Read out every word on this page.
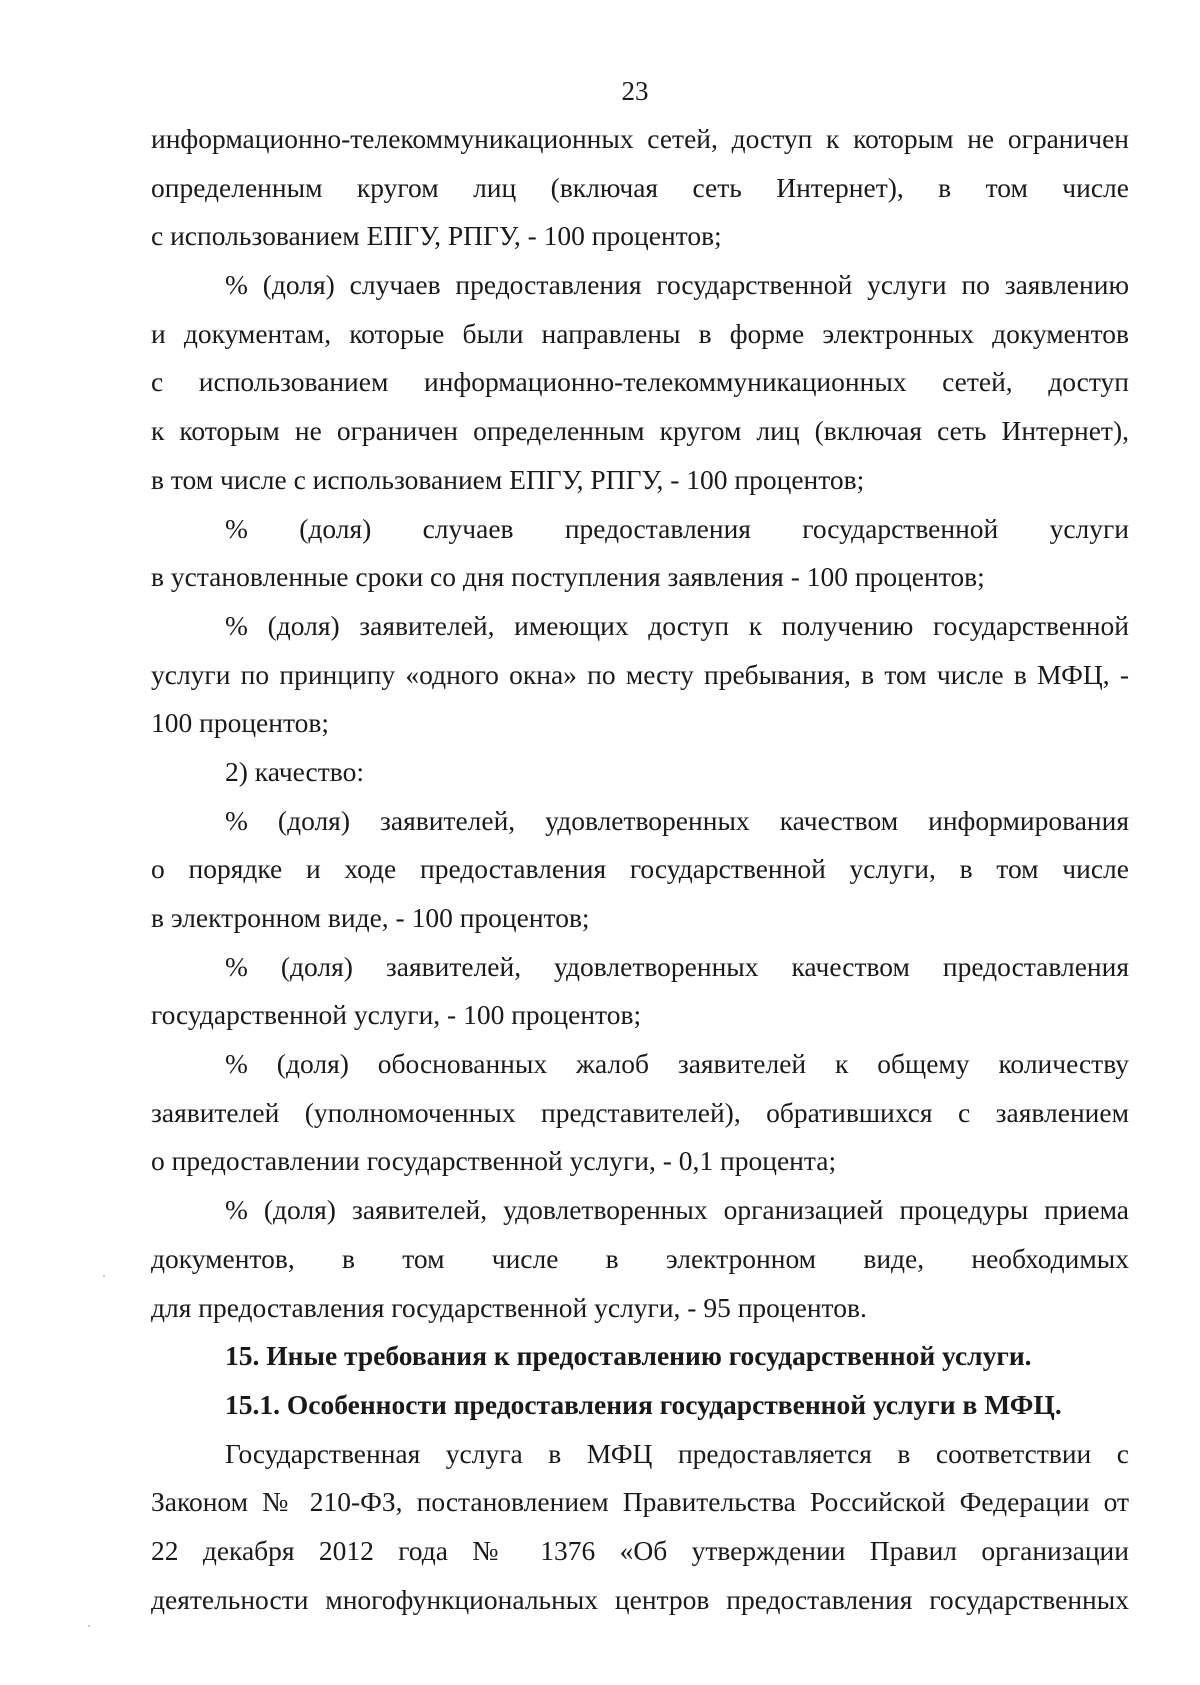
23
информационно-телекоммуникационных сетей, доступ к которым не ограничен
определенным кругом лиц (включая сеть Интернет), в том числе
с использованием ЕПГУ, РПГУ, - 100 процентов;
% (доля) случаев предоставления государственной услуги по заявлению
и документам, которые были направлены в форме электронных документов
с использованием информационно-телекоммуникационных сетей, доступ
к которым не ограничен определенным кругом лиц (включая сеть Интернет),
в том числе с использованием ЕПГУ, РПГУ, - 100 процентов;
% (доля) случаев предоставления государственной услуги
в установленные сроки со дня поступления заявления - 100 процентов;
% (доля) заявителей, имеющих доступ к получению государственной
услуги по принципу «одного окна» по месту пребывания, в том числе в МФЦ, -
100 процентов;
2) качество:
% (доля) заявителей, удовлетворенных качеством информирования
о порядке и ходе предоставления государственной услуги, в том числе
в электронном виде, - 100 процентов;
% (доля) заявителей, удовлетворенных качеством предоставления
государственной услуги, - 100 процентов;
% (доля) обоснованных жалоб заявителей к общему количеству
заявителей (уполномоченных представителей), обратившихся с заявлением
о предоставлении государственной услуги, - 0,1 процента;
% (доля) заявителей, удовлетворенных организацией процедуры приема
документов, в том числе в электронном виде, необходимых
для предоставления государственной услуги, - 95 процентов.
15. Иные требования к предоставлению государственной услуги.
15.1. Особенности предоставления государственной услуги в МФЦ.
Государственная услуга в МФЦ предоставляется в соответствии с
Законом № 210-ФЗ, постановлением Правительства Российской Федерации от
22 декабря 2012 года № 1376 «Об утверждении Правил организации
деятельности многофункциональных центров предоставления государственных
